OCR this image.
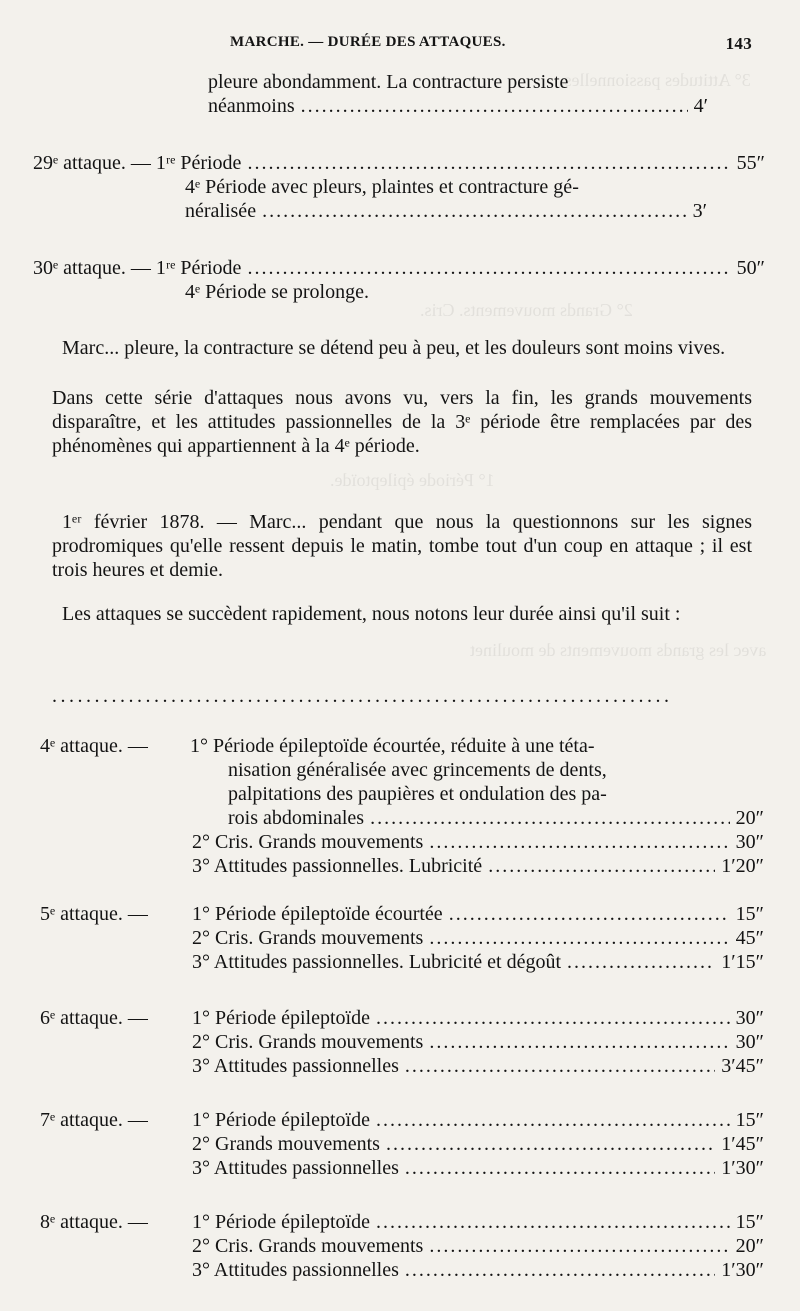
3° Attitudes passionnelles.
2° Grands mouvements. Cris.
1° Période épileptoïde.
avec les grands mouvements de moulinet
MARCHE. — DURÉE DES ATTAQUES.	143
pleure abondamment. La contracture persiste
néanmoins .....	4′
29ᵉ attaque. — 1ʳᵉ Période .....	55″
4ᵉ Période avec pleurs, plaintes et contracture gé-
néralisée .....	3′
30ᵉ attaque. — 1ʳᵉ Période .....	50″
4ᵉ Période se prolonge.
Marc... pleure, la contracture se détend peu à peu, et les douleurs sont moins vives.
Dans cette série d'attaques nous avons vu, vers la fin, les grands mouvements disparaître, et les attitudes passionnelles de la 3ᵉ période être remplacées par des phénomènes qui appartiennent à la 4ᵉ période.
1ᵉʳ février 1878. — Marc... pendant que nous la questionnons sur les signes prodromiques qu'elle ressent depuis le matin, tombe tout d'un coup en attaque ; il est trois heures et demie.
Les attaques se succèdent rapidement, nous notons leur durée ainsi qu'il suit :
.....
4ᵉ attaque. —	1° Période épileptoïde écourtée, réduite à une téta-
nisation généralisée avec grincements de dents,
palpitations des paupières et ondulation des pa-
rois abdominales .....	20″
2° Cris. Grands mouvements .....	30″
3° Attitudes passionnelles. Lubricité .....	1′20″
5ᵉ attaque. —	1° Période épileptoïde écourtée .....	15″
2° Cris. Grands mouvements .....	45″
3° Attitudes passionnelles. Lubricité et dégoût .....	1′15″
6ᵉ attaque. —	1° Période épileptoïde .....	30″
2° Cris. Grands mouvements .....	30″
3° Attitudes passionnelles .....	3′45″
7ᵉ attaque. —	1° Période épileptoïde .....	15″
2° Grands mouvements .....	1′45″
3° Attitudes passionnelles .....	1′30″
8ᵉ attaque. —	1° Période épileptoïde .....	15″
2° Cris. Grands mouvements .....	20″
3° Attitudes passionnelles .....	1′30″
